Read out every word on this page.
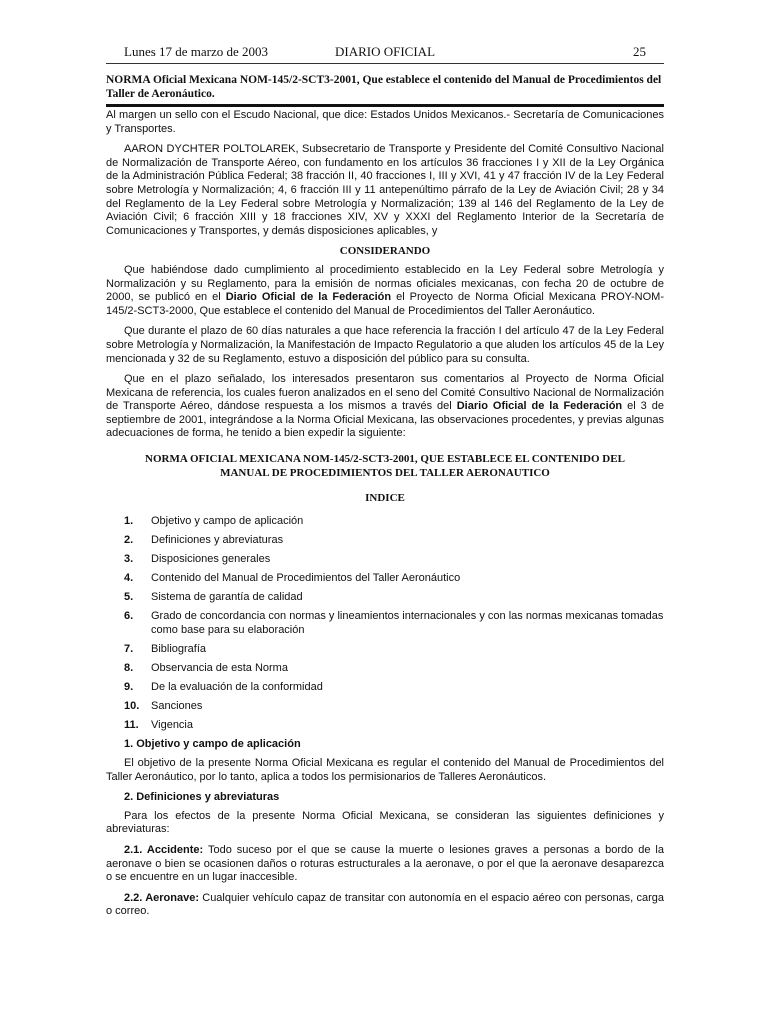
Lunes 17 de marzo de 2003	DIARIO OFICIAL	25
NORMA Oficial Mexicana NOM-145/2-SCT3-2001, Que establece el contenido del Manual de Procedimientos del Taller de Aeronáutico.

Al margen un sello con el Escudo Nacional, que dice: Estados Unidos Mexicanos.- Secretaría de Comunicaciones y Transportes.

AARON DYCHTER POLTOLAREK, Subsecretario de Transporte y Presidente del Comité Consultivo Nacional de Normalización de Transporte Aéreo, con fundamento en los artículos 36 fracciones I y XII de la Ley Orgánica de la Administración Pública Federal; 38 fracción II, 40 fracciones I, III y XVI, 41 y 47 fracción IV de la Ley Federal sobre Metrología y Normalización; 4, 6 fracción III y 11 antepenúltimo párrafo de la Ley de Aviación Civil; 28 y 34 del Reglamento de la Ley Federal sobre Metrología y Normalización; 139 al 146 del Reglamento de la Ley de Aviación Civil; 6 fracción XIII y 18 fracciones XIV, XV y XXXI del Reglamento Interior de la Secretaría de Comunicaciones y Transportes, y demás disposiciones aplicables, y

CONSIDERANDO

Que habiéndose dado cumplimiento al procedimiento establecido en la Ley Federal sobre Metrología y Normalización y su Reglamento, para la emisión de normas oficiales mexicanas, con fecha 20 de octubre de 2000, se publicó en el Diario Oficial de la Federación el Proyecto de Norma Oficial Mexicana PROY-NOM-145/2-SCT3-2000, Que establece el contenido del Manual de Procedimientos del Taller Aeronáutico.

Que durante el plazo de 60 días naturales a que hace referencia la fracción I del artículo 47 de la Ley Federal sobre Metrología y Normalización, la Manifestación de Impacto Regulatorio a que aluden los artículos 45 de la Ley mencionada y 32 de su Reglamento, estuvo a disposición del público para su consulta.

Que en el plazo señalado, los interesados presentaron sus comentarios al Proyecto de Norma Oficial Mexicana de referencia, los cuales fueron analizados en el seno del Comité Consultivo Nacional de Normalización de Transporte Aéreo, dándose respuesta a los mismos a través del Diario Oficial de la Federación el 3 de septiembre de 2001, integrándose a la Norma Oficial Mexicana, las observaciones procedentes, y previas algunas adecuaciones de forma, he tenido a bien expedir la siguiente:

NORMA OFICIAL MEXICANA NOM-145/2-SCT3-2001, QUE ESTABLECE EL CONTENIDO DEL MANUAL DE PROCEDIMIENTOS DEL TALLER AERONAUTICO
INDICE
1.	Objetivo y campo de aplicación
2.	Definiciones y abreviaturas
3.	Disposiciones generales
4.	Contenido del Manual de Procedimientos del Taller Aeronáutico
5.	Sistema de garantía de calidad
6.	Grado de concordancia con normas y lineamientos internacionales y con las normas mexicanas tomadas como base para su elaboración
7.	Bibliografía
8.	Observancia de esta Norma
9.	De la evaluación de la conformidad
10.	Sanciones
11.	Vigencia
1. Objetivo y campo de aplicación

El objetivo de la presente Norma Oficial Mexicana es regular el contenido del Manual de Procedimientos del Taller Aeronáutico, por lo tanto, aplica a todos los permisionarios de Talleres Aeronáuticos.

2. Definiciones y abreviaturas

Para los efectos de la presente Norma Oficial Mexicana, se consideran las siguientes definiciones y abreviaturas:

2.1. Accidente: Todo suceso por el que se cause la muerte o lesiones graves a personas a bordo de la aeronave o bien se ocasionen daños o roturas estructurales a la aeronave, o por el que la aeronave desaparezca o se encuentre en un lugar inaccesible.

2.2. Aeronave: Cualquier vehículo capaz de transitar con autonomía en el espacio aéreo con personas, carga o correo.
